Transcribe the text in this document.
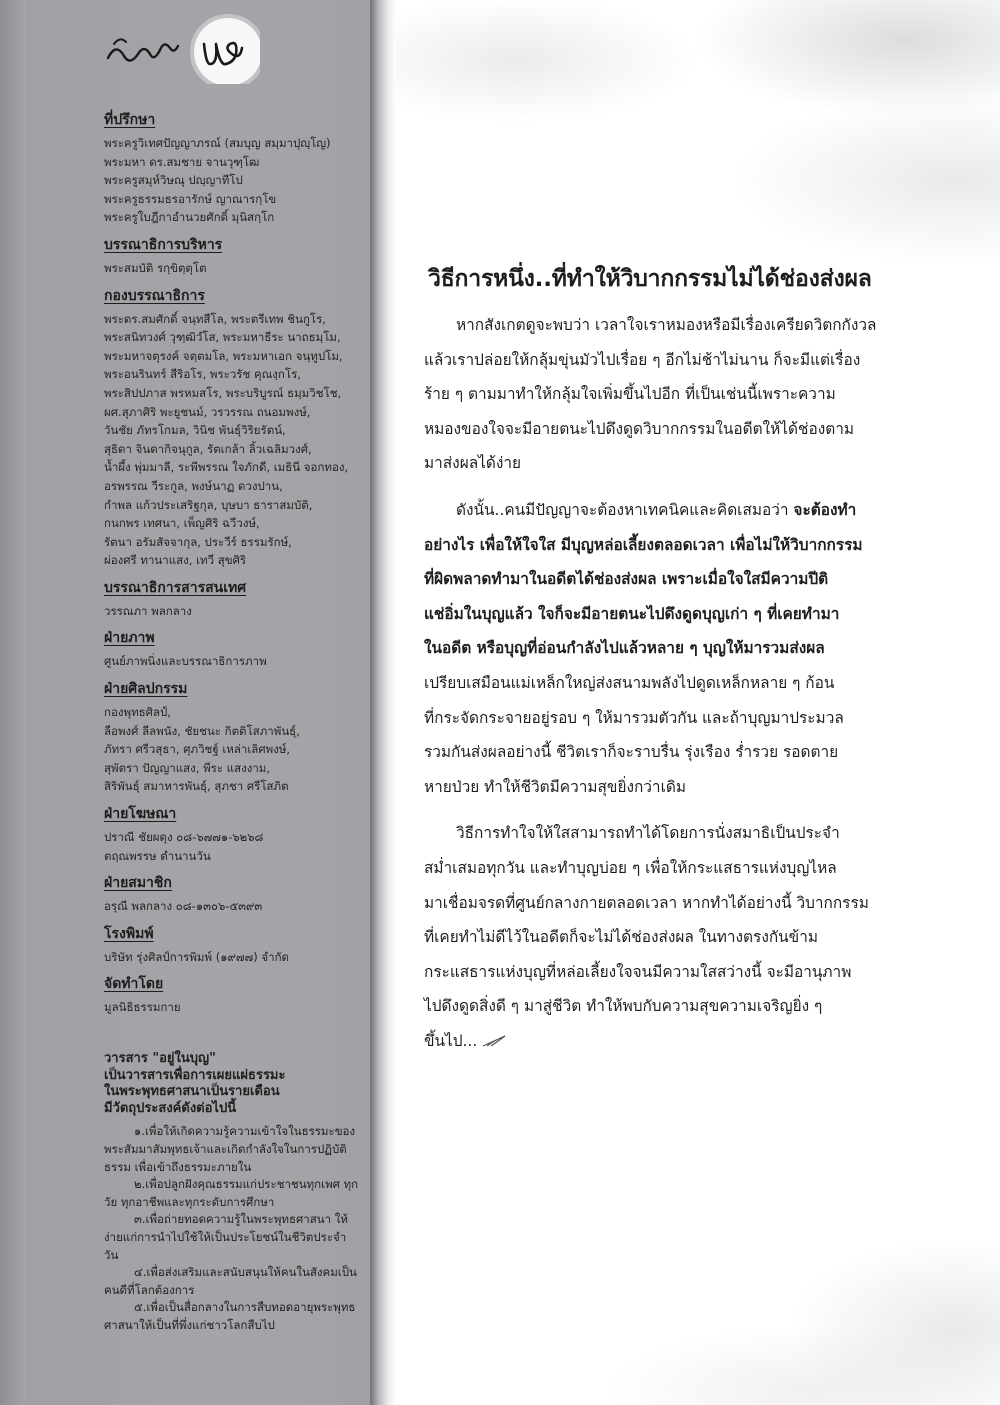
ที่ปรึกษา
พระครูวิเทศปัญญาภรณ์ (สมบุญ สมฺมาปุญฺโญ)
พระมหา ดร.สมชาย จานวุฑฺโฒ
พระครูสมุห์วิษณุ ปญฺญาทีโป
พระครูธรรมธรอารักษ์ ญาณารกฺโข
พระครูใบฎีกาอำนวยศักดิ์ มุนิสกฺโก
บรรณาธิการบริหาร
พระสมบัติ รกฺขิตฺตุโต
กองบรรณาธิการ
พระดร.สมศักดิ์ จนฺทสีโล, พระตรีเทพ ชินกูโร,
พระสนิทวงศ์ วุฑฺฒิวํโส, พระมหาธีระ นาถธมฺโม,
พระมหาจตุรงค์ จตฺตมโล, พระมหาเอก จนฺทูปโม,
พระอนรินทร์ สีริอโร, พระวรัช คุณงฺกโร,
พระสิปปภาส พรหมสโร, พระบริบูรณ์ ธมฺมวิชโช,
ผศ.สุภาศิริ พะยูชนม์, วรวรรณ ถนอมพงษ์,
วันชัย ภัทรโกมล, วินิช พันธุ์วิริยรัตน์,
สุธิดา จินดากิจนุกูล, รัตเกล้า ลิ้วเฉลิมวงศ์,
น้ำผึ้ง พุ่มมาลี, ระพีพรรณ ใจภักดี, เมธินี จอกทอง,
อรพรรณ วีระกูล, พงษ์นาฏ ดวงปาน,
กำพล แก้วประเสริฐกุล, บุษบา ธาราสมบัติ,
กนกพร เทศนา, เพ็ญศิริ ฉวีวงษ์,
รัตนา อรัมสัจจากุล, ประวีร์ ธรรมรักษ์,
ผ่องศรี ทานาแสง, เทวี สุขศิริ
บรรณาธิการสารสนเทศ
วรรณภา พลกลาง
ฝ่ายภาพ
ศูนย์ภาพนิ่งและบรรณาธิการภาพ
ฝ่ายศิลปกรรม
กองพุทธศิลป์,
ลือพงศ์ ลีลพนัง, ชัยชนะ กิตติโสภาพันธุ์,
ภัทรา ศรีวสุธา, ศุภวิชฐ์ เหล่าเลิศพงษ์,
สุพัตรา ปัญญาแสง, พีระ แสงงาม,
สิริพันธุ์ สมาหารพันธุ์, สุภชา ศรีโสภิต
ฝ่ายโฆษณา
ปราณี ชัยผดุง ๐๘-๖๗๗๑-๖๒๖๘
ตฤณพรรษ ตำนานวัน
ฝ่ายสมาชิก
อรุณี พลกลาง ๐๘-๑๓๐๖-๕๓๙๓
โรงพิมพ์
บริษัท รุ่งศิลป์การพิมพ์ (๑๙๗๗) จำกัด
จัดทำโดย
มูลนิธิธรรมกาย
วารสาร "อยู่ในบุญ"
เป็นวารสารเพื่อการเผยแผ่ธรรมะ
ในพระพุทธศาสนาเป็นรายเดือน
มีวัตถุประสงค์ดังต่อไปนี้

๑.เพื่อให้เกิดความรู้ความเข้าใจในธรรมะของพระสัมมาสัมพุทธเจ้าและเกิดกำลังใจในการปฏิบัติธรรม เพื่อเข้าถึงธรรมะภายใน

๒.เพื่อปลูกฝังคุณธรรมแก่ประชาชนทุกเพศ ทุกวัย ทุกอาชีพและทุกระดับการศึกษา

๓.เพื่อถ่ายทอดความรู้ในพระพุทธศาสนา ให้ง่ายแก่การนำไปใช้ให้เป็นประโยชน์ในชีวิตประจำวัน

๔.เพื่อส่งเสริมและสนับสนุนให้คนในสังคมเป็นคนดีที่โลกต้องการ

๕.เพื่อเป็นสื่อกลางในการสืบทอดอายุพระพุทธศาสนาให้เป็นที่พึ่งแก่ชาวโลกสืบไป

วิธีการหนึ่ง..ที่ทำให้วิบากกรรมไม่ได้ช่องส่งผล
หากสังเกตดูจะพบว่า เวลาใจเราหมองหรือมีเรื่องเครียดวิตกกังวล
แล้วเราปล่อยให้กลุ้มขุ่นมัวไปเรื่อย ๆ อีกไม่ช้าไม่นาน ก็จะมีแต่เรื่อง
ร้าย ๆ ตามมาทำให้กลุ้มใจเพิ่มขึ้นไปอีก ที่เป็นเช่นนี้เพราะความ
หมองของใจจะมีอายตนะไปดึงดูดวิบากกรรมในอดีตให้ได้ช่องตาม
มาส่งผลได้ง่าย
ดังนั้น..คนมีปัญญาจะต้องหาเทคนิคและคิดเสมอว่า จะต้องทำ
อย่างไร เพื่อให้ใจใส มีบุญหล่อเลี้ยงตลอดเวลา เพื่อไม่ให้วิบากกรรม
ที่ผิดพลาดทำมาในอดีตได้ช่องส่งผล เพราะเมื่อใจใสมีความปีติ
แช่อิ่มในบุญแล้ว ใจก็จะมีอายตนะไปดึงดูดบุญเก่า ๆ ที่เคยทำมา
ในอดีต หรือบุญที่อ่อนกำลังไปแล้วหลาย ๆ บุญให้มารวมส่งผล
เปรียบเสมือนแม่เหล็กใหญ่ส่งสนามพลังไปดูดเหล็กหลาย ๆ ก้อน
ที่กระจัดกระจายอยู่รอบ ๆ ให้มารวมตัวกัน และถ้าบุญมาประมวล
รวมกันส่งผลอย่างนี้ ชีวิตเราก็จะราบรื่น รุ่งเรือง ร่ำรวย รอดตาย
หายป่วย ทำให้ชีวิตมีความสุขยิ่งกว่าเดิม
วิธีการทำใจให้ใสสามารถทำได้โดยการนั่งสมาธิเป็นประจำ
สม่ำเสมอทุกวัน และทำบุญบ่อย ๆ เพื่อให้กระแสธารแห่งบุญไหล
มาเชื่อมจรดที่ศูนย์กลางกายตลอดเวลา หากทำได้อย่างนี้ วิบากกรรม
ที่เคยทำไม่ดีไว้ในอดีตก็จะไม่ได้ช่องส่งผล ในทางตรงกันข้าม
กระแสธารแห่งบุญที่หล่อเลี้ยงใจจนมีความใสสว่างนี้ จะมีอานุภาพ
ไปดึงดูดสิ่งดี ๆ มาสู่ชีวิต ทำให้พบกับความสุขความเจริญยิ่ง ๆ
ขึ้นไป...
